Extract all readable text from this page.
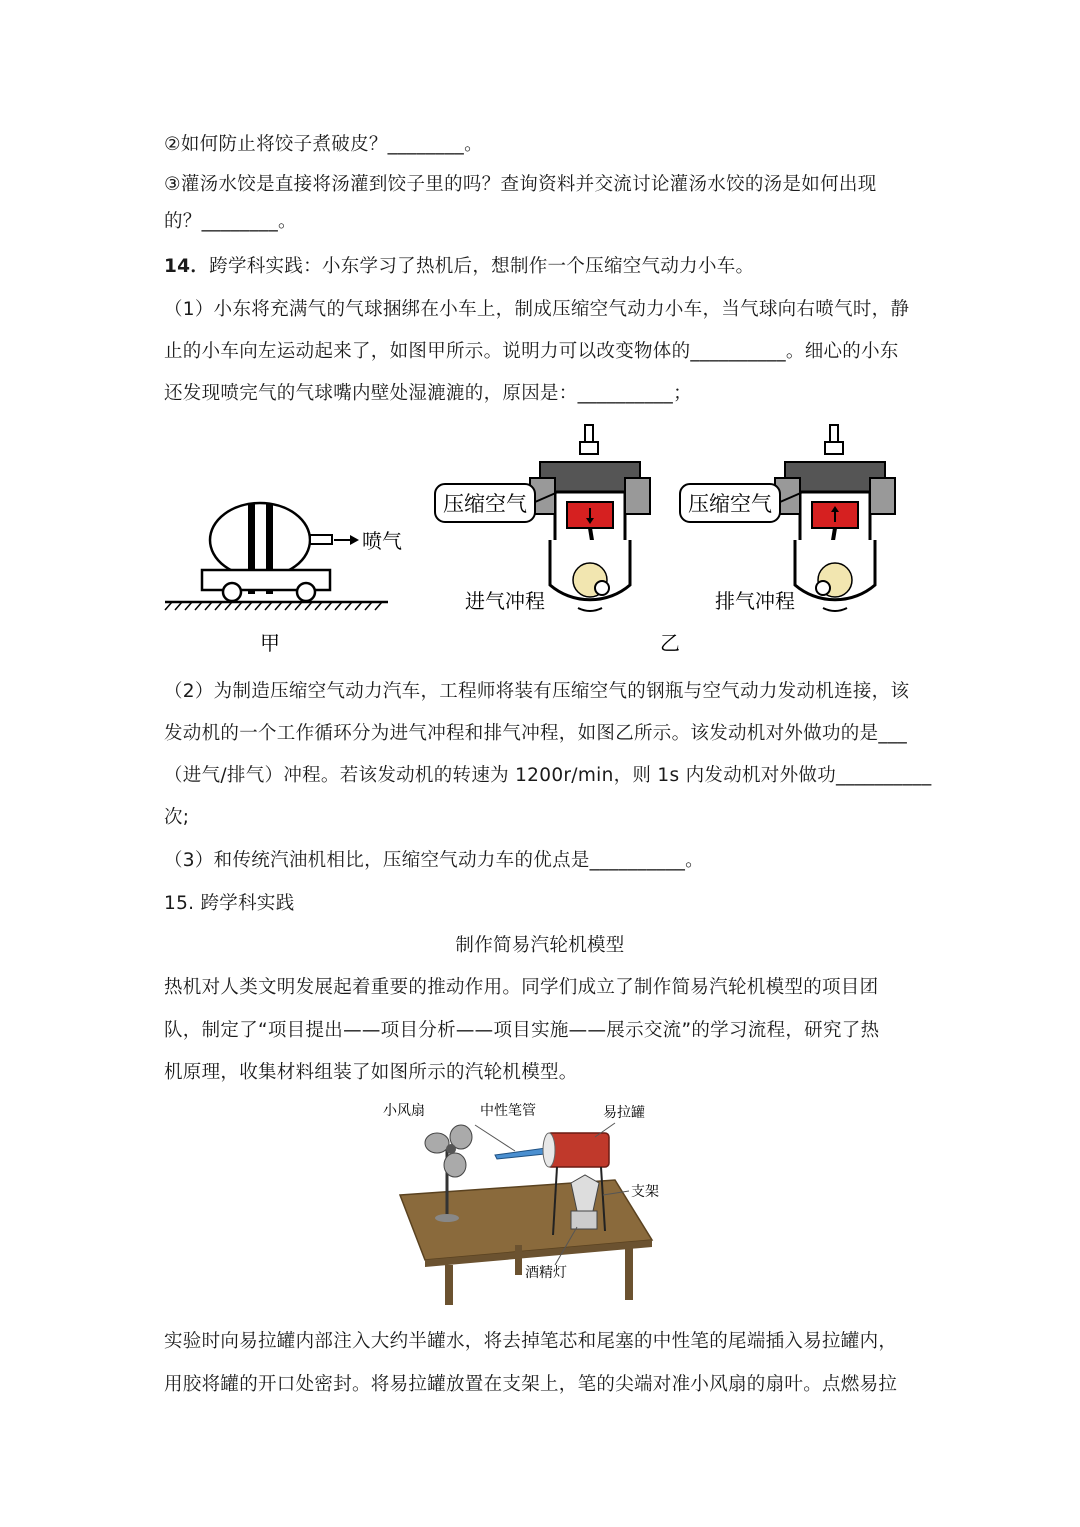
②如何防止将饺子煮破皮？________。
③灌汤水饺是直接将汤灌到饺子里的吗？查询资料并交流讨论灌汤水饺的汤是如何出现
的？________。
14．跨学科实践：小东学习了热机后，想制作一个压缩空气动力小车。
（1）小东将充满气的气球捆绑在小车上，制成压缩空气动力小车，当气球向右喷气时，静
止的小车向左运动起来了，如图甲所示。说明力可以改变物体的__________。细心的小东
还发现喷完气的气球嘴内壁处湿漉漉的，原因是：__________；
喷气
甲
压缩空气
进气冲程
压缩空气
排气冲程
乙
（2）为制造压缩空气动力汽车，工程师将装有压缩空气的钢瓶与空气动力发动机连接，该
发动机的一个工作循环分为进气冲程和排气冲程，如图乙所示。该发动机对外做功的是___
（进气/排气）冲程。若该发动机的转速为 1200r/min，则 1s 内发动机对外做功__________
次;
（3）和传统汽油机相比，压缩空气动力车的优点是__________。
15. 跨学科实践
制作简易汽轮机模型
热机对人类文明发展起着重要的推动作用。同学们成立了制作简易汽轮机模型的项目团
队，制定了“项目提出——项目分析——项目实施——展示交流”的学习流程，研究了热
机原理，收集材料组装了如图所示的汽轮机模型。
小风扇	中性笔管	易拉罐
支架
酒精灯
实验时向易拉罐内部注入大约半罐水，将去掉笔芯和尾塞的中性笔的尾端插入易拉罐内，
用胶将罐的开口处密封。将易拉罐放置在支架上，笔的尖端对准小风扇的扇叶。点燃易拉
